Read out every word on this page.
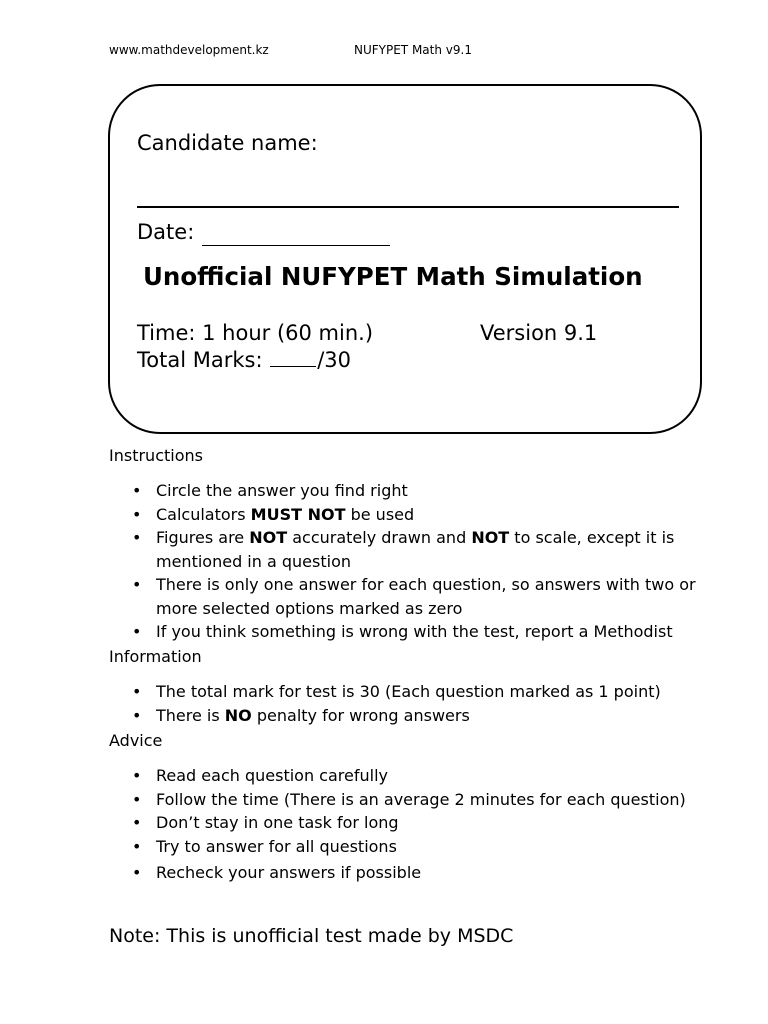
www.mathdevelopment.kz	NUFYPET Math v9.1
Candidate name:
Date:
Unofficial NUFYPET Math Simulation
Time: 1 hour (60 min.)	Version 9.1
Total Marks:	/30
Instructions
• Circle the answer you find right
• Calculators MUST NOT be used
• Figures are NOT accurately drawn and NOT to scale, except it is mentioned in a question
• There is only one answer for each question, so answers with two or more selected options marked as zero
• If you think something is wrong with the test, report a Methodist
Information
• The total mark for test is 30 (Each question marked as 1 point)
• There is NO penalty for wrong answers
Advice
• Read each question carefully
• Follow the time (There is an average 2 minutes for each question)
• Don’t stay in one task for long
• Try to answer for all questions
• Recheck your answers if possible
Note: This is unofficial test made by MSDC
